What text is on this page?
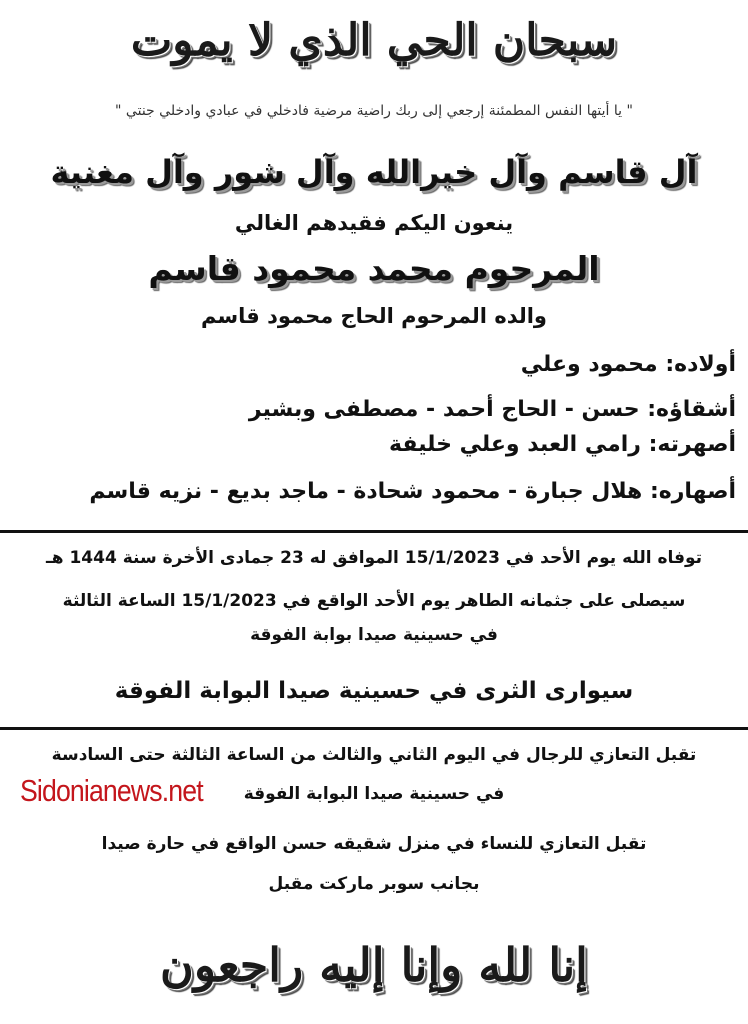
سبحان الحي الذي لا يموت
" يا أيتها النفس المطمئنة إرجعي إلى ربك راضية مرضية فادخلي في عبادي وادخلي جنتي "
آل قاسم وآل خيرالله وآل شور وآل مغنية
ينعون اليكم فقيدهم الغالي
المرحوم محمد محمود قاسم
والده المرحوم الحاج محمود قاسم
أولاده: محمود وعلي
أشقاؤه: حسن - الحاج أحمد - مصطفى وبشير
أصهرته: رامي العبد وعلي خليفة
أصهاره: هلال جبارة - محمود شحادة - ماجد بديع - نزيه قاسم
توفاه الله يوم الأحد في 15/1/2023 الموافق له 23 جمادى الأخرة سنة 1444 هـ
سيصلى على جثمانه الطاهر يوم الأحد الواقع في 15/1/2023 الساعة الثالثة
في حسينية صيدا بوابة الفوقة
سيوارى الثرى في حسينية صيدا البوابة الفوقة
تقبل التعازي للرجال في اليوم الثاني والثالث من الساعة الثالثة حتى السادسة
في حسينية صيدا البوابة الفوقة
تقبل التعازي للنساء في منزل شقيقه حسن الواقع في حارة صيدا
بجانب سوبر ماركت مقبل
Sidonianews.net
إنا لله وإنا إليه راجعون
